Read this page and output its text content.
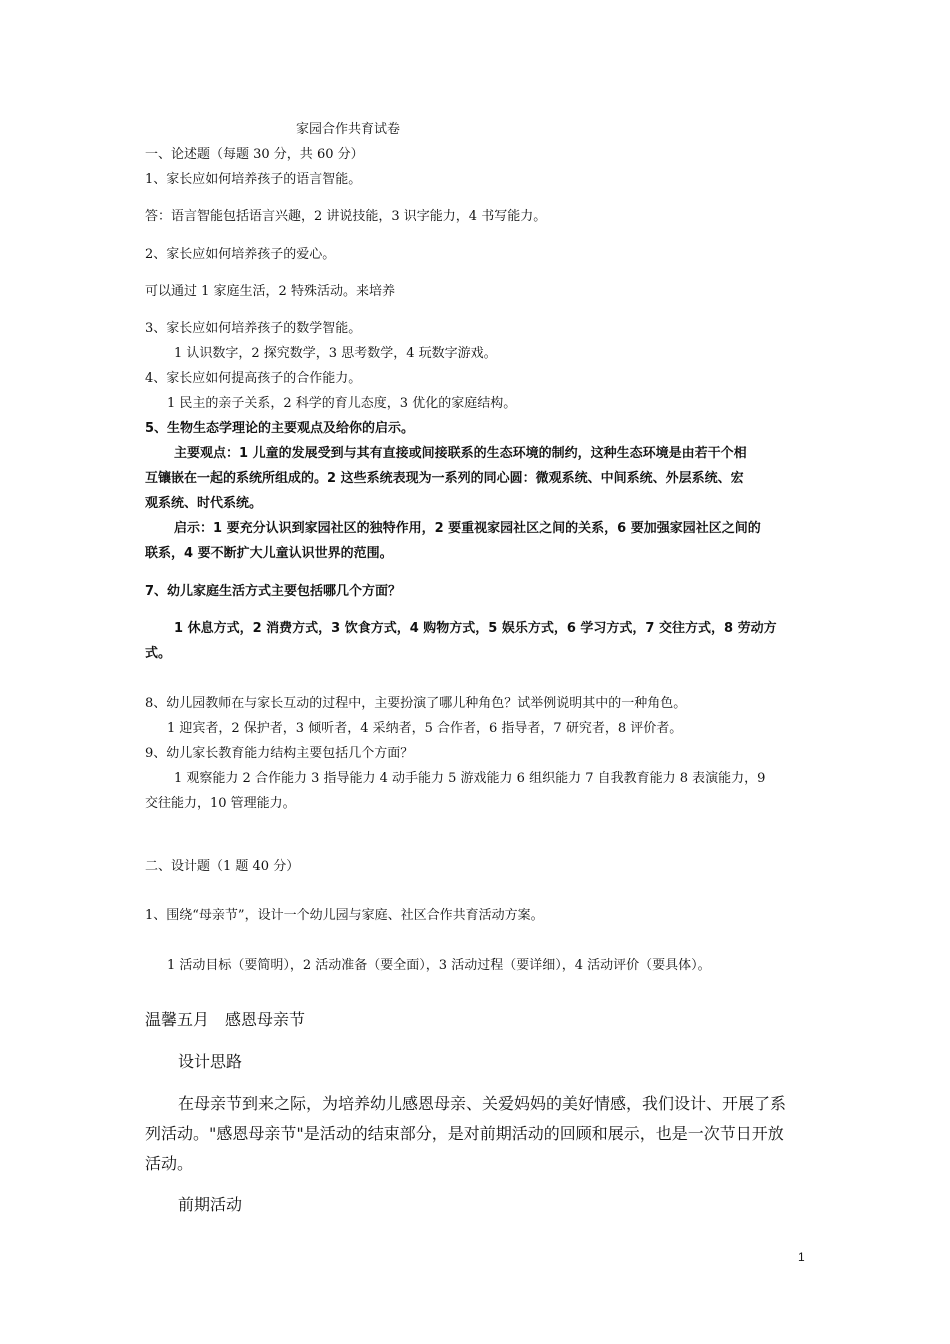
家园合作共育试卷
一、论述题（每题 30 分，共 60 分）
1、家长应如何培养孩子的语言智能。
答：语言智能包括语言兴趣，2 讲说技能，3 识字能力，4 书写能力。
2、家长应如何培养孩子的爱心。
可以通过 1 家庭生活，2 特殊活动。来培养
3、家长应如何培养孩子的数学智能。
1 认识数字，2 探究数学，3 思考数学，4 玩数字游戏。
4、家长应如何提高孩子的合作能力。
1 民主的亲子关系，2 科学的育儿态度，3 优化的家庭结构。
5、生物生态学理论的主要观点及给你的启示。
主要观点：1 儿童的发展受到与其有直接或间接联系的生态环境的制约，这种生态环境是由若干个相
互镶嵌在一起的系统所组成的。2 这些系统表现为一系列的同心圆：微观系统、中间系统、外层系统、宏
观系统、时代系统。
启示：1 要充分认识到家园社区的独特作用，2 要重视家园社区之间的关系，6 要加强家园社区之间的
联系，4 要不断扩大儿童认识世界的范围。
7、幼儿家庭生活方式主要包括哪几个方面？
1 休息方式，2 消费方式，3 饮食方式，4 购物方式，5 娱乐方式，6 学习方式，7 交往方式，8 劳动方
式。
8、幼儿园教师在与家长互动的过程中，主要扮演了哪儿种角色？试举例说明其中的一种角色。
1 迎宾者，2 保护者，3 倾听者，4 采纳者，5 合作者，6 指导者，7 研究者，8 评价者。
9、幼儿家长教育能力结构主要包括几个方面？
1 观察能力 2 合作能力 3 指导能力 4 动手能力 5 游戏能力 6 组织能力 7 自我教育能力 8 表演能力，9
交往能力，10 管理能力。
二、设计题（1 题 40 分）
1、围绕“母亲节”，设计一个幼儿园与家庭、社区合作共育活动方案。
1 活动目标（要简明），2 活动准备（要全面），3 活动过程（要详细），4 活动评价（要具体）。
温馨五月　感恩母亲节
设计思路
在母亲节到来之际，为培养幼儿感恩母亲、关爱妈妈的美好情感，我们设计、开展了系
列活动。"感恩母亲节"是活动的结束部分，是对前期活动的回顾和展示，也是一次节日开放
活动。
前期活动
1
